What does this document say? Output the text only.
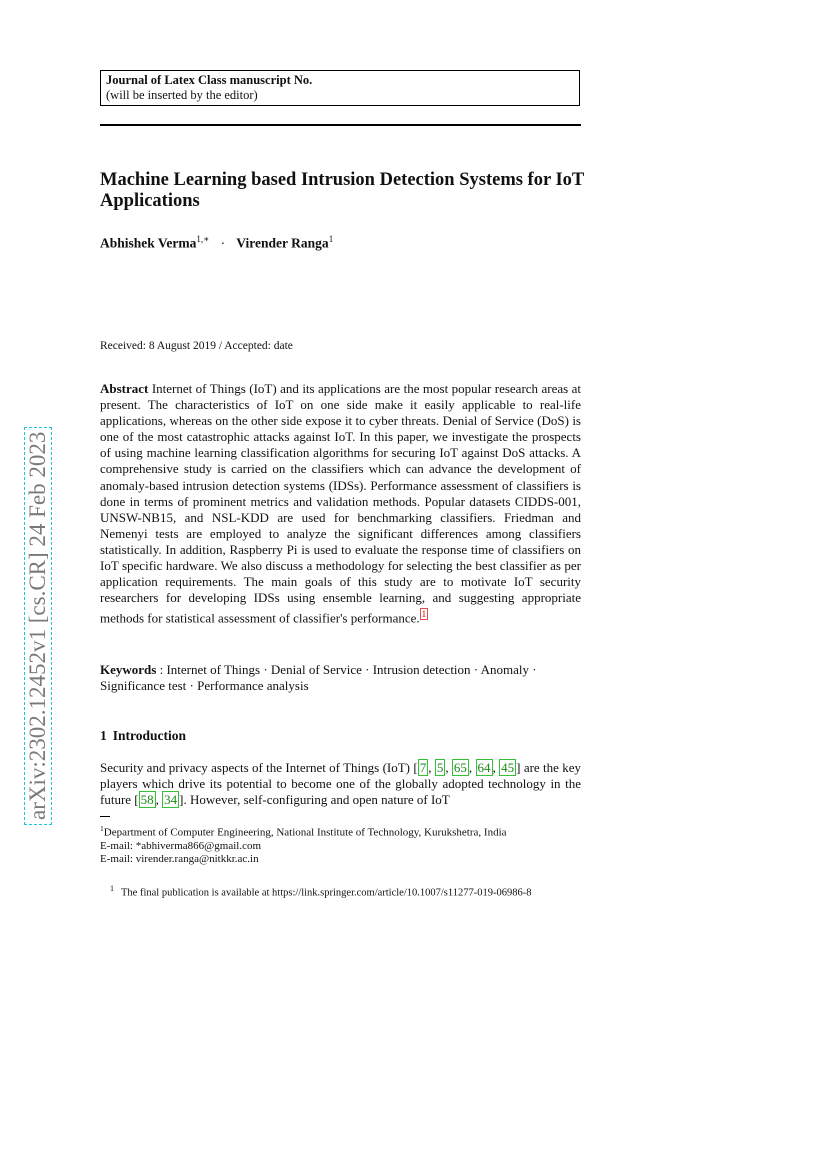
Journal of Latex Class manuscript No.
(will be inserted by the editor)
Machine Learning based Intrusion Detection Systems for IoT Applications
Abhishek Verma$^{1,∗}$ · Virender Ranga$^1$
Received: 8 August 2019 / Accepted: date
Abstract Internet of Things (IoT) and its applications are the most popular research areas at present. The characteristics of IoT on one side make it easily applicable to real-life applications, whereas on the other side expose it to cyber threats. Denial of Service (DoS) is one of the most catastrophic attacks against IoT. In this paper, we investigate the prospects of using machine learning classification algorithms for securing IoT against DoS attacks. A comprehensive study is carried on the classifiers which can advance the development of anomaly-based intrusion detection systems (IDSs). Performance assessment of classifiers is done in terms of prominent metrics and validation methods. Popular datasets CIDDS-001, UNSW-NB15, and NSL-KDD are used for benchmarking classifiers. Friedman and Nemenyi tests are employed to analyze the significant differences among classifiers statistically. In addition, Raspberry Pi is used to evaluate the response time of classifiers on IoT specific hardware. We also discuss a methodology for selecting the best classifier as per application requirements. The main goals of this study are to motivate IoT security researchers for developing IDSs using ensemble learning, and suggesting appropriate methods for statistical assessment of classifier's performance. $^1$
Keywords : Internet of Things · Denial of Service · Intrusion detection · Anomaly · Significance test · Performance analysis
1 Introduction
Security and privacy aspects of the Internet of Things (IoT) [ 7 , 5 , 65 , 64 , 45 ] are the key players which drive its potential to become one of the globally adopted technology in the future [ 58 , 34 ]. However, self-configuring and open nature of IoT
$^1$Department of Computer Engineering, National Institute of Technology, Kurukshetra, India
E-mail: *abhiverma866@gmail.com
E-mail: virender.ranga@nitkkr.ac.in
$^1$ The final publication is available at https://link.springer.com/article/10.1007/s11277-019-06986-8
arXiv:2302.12452v1 [cs.CR] 24 Feb 2023
